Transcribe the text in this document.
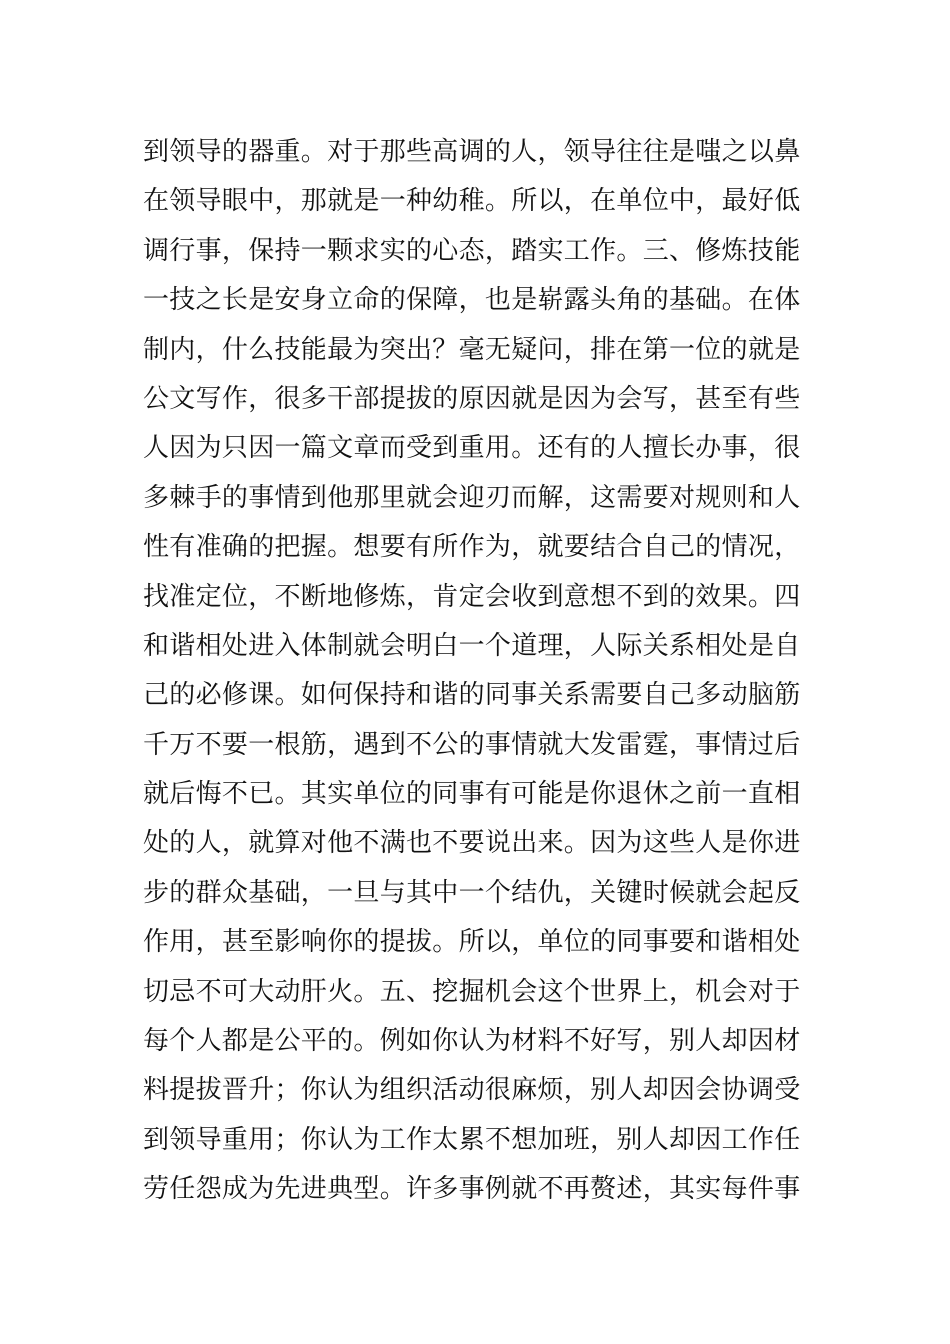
到领导的器重。对于那些高调的人，领导往往是嗤之以鼻
在领导眼中，那就是一种幼稚。所以，在单位中，最好低
调行事，保持一颗求实的心态，踏实工作。三、修炼技能
一技之长是安身立命的保障，也是崭露头角的基础。在体
制内，什么技能最为突出？毫无疑问，排在第一位的就是
公文写作，很多干部提拔的原因就是因为会写，甚至有些
人因为只因一篇文章而受到重用。还有的人擅长办事，很
多棘手的事情到他那里就会迎刃而解，这需要对规则和人
性有准确的把握。想要有所作为，就要结合自己的情况，
找准定位，不断地修炼，肯定会收到意想不到的效果。四
和谐相处进入体制就会明白一个道理，人际关系相处是自
己的必修课。如何保持和谐的同事关系需要自己多动脑筋
千万不要一根筋，遇到不公的事情就大发雷霆，事情过后
就后悔不已。其实单位的同事有可能是你退休之前一直相
处的人，就算对他不满也不要说出来。因为这些人是你进
步的群众基础，一旦与其中一个结仇，关键时候就会起反
作用，甚至影响你的提拔。所以，单位的同事要和谐相处
切忌不可大动肝火。五、挖掘机会这个世界上，机会对于
每个人都是公平的。例如你认为材料不好写，别人却因材
料提拔晋升；你认为组织活动很麻烦，别人却因会协调受
到领导重用；你认为工作太累不想加班，别人却因工作任
劳任怨成为先进典型。许多事例就不再赘述，其实每件事
